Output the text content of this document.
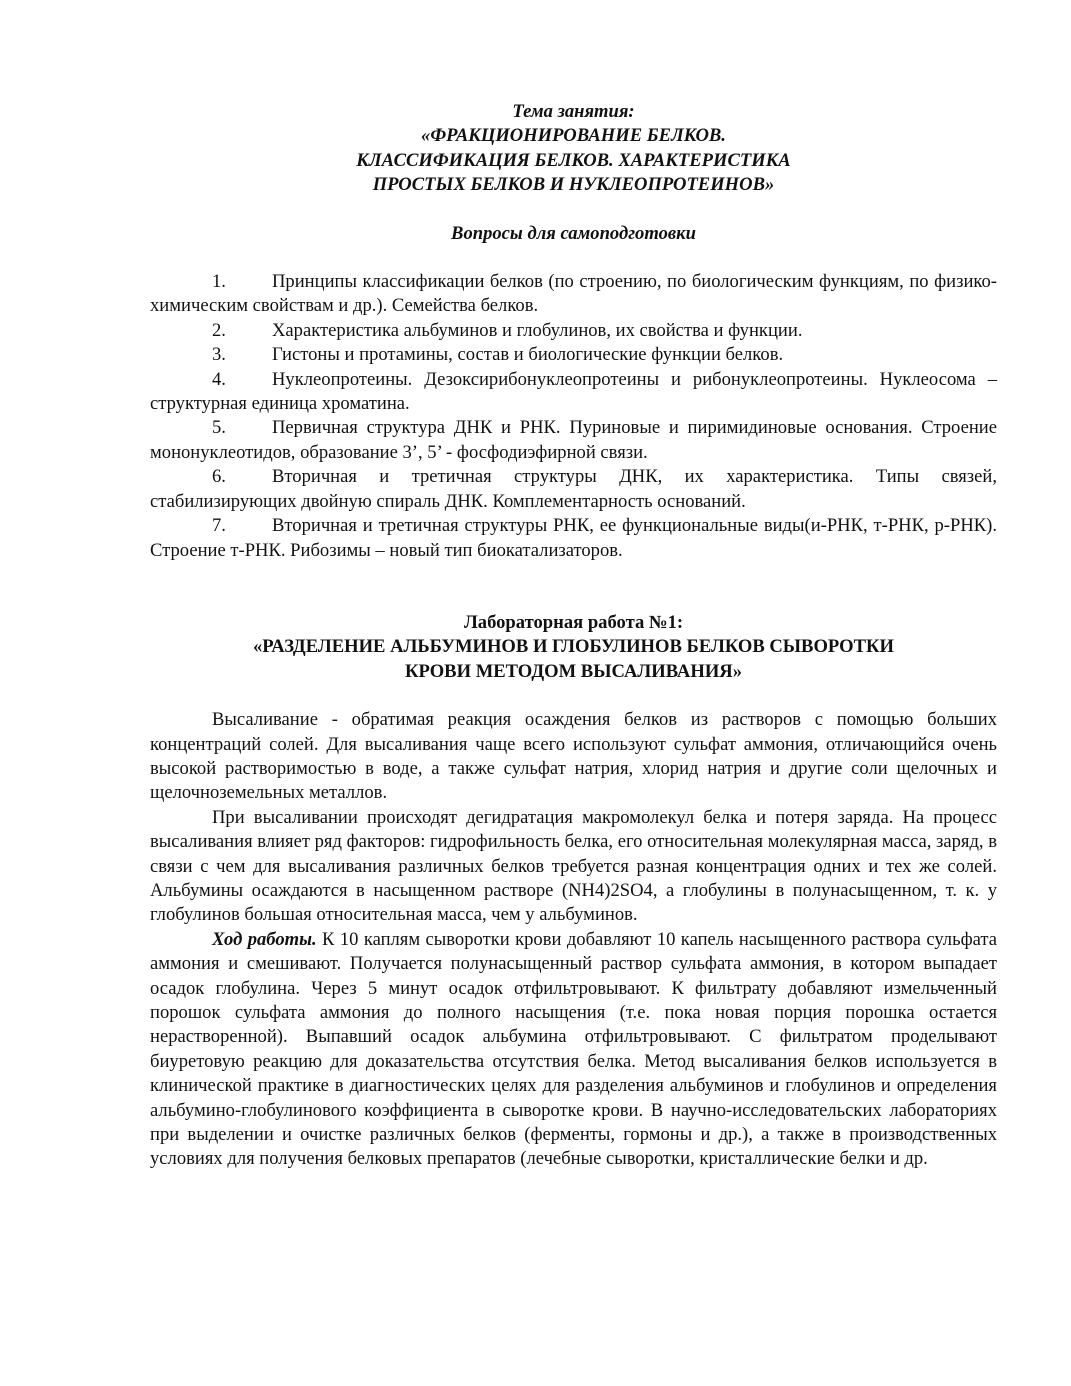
Тема занятия:
«ФРАКЦИОНИРОВАНИЕ БЕЛКОВ.
КЛАССИФИКАЦИЯ БЕЛКОВ. ХАРАКТЕРИСТИКА
ПРОСТЫХ БЕЛКОВ И НУКЛЕОПРОТЕИНОВ»
Вопросы для самоподготовки
1. Принципы классификации белков (по строению, по биологическим функциям, по физико-химическим свойствам и др.). Семейства белков.
2. Характеристика альбуминов и глобулинов, их свойства и функции.
3. Гистоны и протамины, состав и биологические функции белков.
4. Нуклеопротеины. Дезоксирибонуклеопротеины и рибонуклеопротеины. Нуклеосома – структурная единица хроматина.
5. Первичная структура ДНК и РНК. Пуриновые и пиримидиновые основания. Строение мононуклеотидов, образование 3’, 5’ - фосфодиэфирной связи.
6. Вторичная и третичная структуры ДНК, их характеристика. Типы связей, стабилизирующих двойную спираль ДНК. Комплементарность оснований.
7. Вторичная и третичная структуры РНК, ее функциональные виды(и-РНК, т-РНК, р-РНК). Строение т-РНК. Рибозимы – новый тип биокатализаторов.
Лабораторная работа №1:
«РАЗДЕЛЕНИЕ АЛЬБУМИНОВ И ГЛОБУЛИНОВ БЕЛКОВ СЫВОРОТКИ
КРОВИ МЕТОДОМ ВЫСАЛИВАНИЯ»

Высаливание - обратимая реакция осаждения белков из растворов с помощью больших концентраций солей. Для высаливания чаще всего используют сульфат аммония, отличающийся очень высокой растворимостью в воде, а также сульфат натрия, хлорид натрия и другие соли щелочных и щелочноземельных металлов.

При высаливании происходят дегидратация макромолекул белка и потеря заряда. На процесс высаливания влияет ряд факторов: гидрофильность белка, его относительная молекулярная масса, заряд, в связи с чем для высаливания различных белков требуется разная концентрация одних и тех же солей. Альбумины осаждаются в насыщенном растворе (NH4)2SO4, а глобулины в полунасыщенном, т. к. у глобулинов большая относительная масса, чем у альбуминов.

Ход работы. К 10 каплям сыворотки крови добавляют 10 капель насыщенного раствора сульфата аммония и смешивают. Получается полунасыщенный раствор сульфата аммония, в котором выпадает осадок глобулина. Через 5 минут осадок отфильтровывают. К фильтрату добавляют измельченный порошок сульфата аммония до полного насыщения (т.е. пока новая порция порошка остается нерастворенной). Выпавший осадок альбумина отфильтровывают. С фильтратом проделывают биуретовую реакцию для доказательства отсутствия белка. Метод высаливания белков используется в клинической практике в диагностических целях для разделения альбуминов и глобулинов и определения альбумино-глобулинового коэффициента в сыворотке крови. В научно-исследовательских лабораториях при выделении и очистке различных белков (ферменты, гормоны и др.), а также в производственных условиях для получения белковых препаратов (лечебные сыворотки, кристаллические белки и др.
